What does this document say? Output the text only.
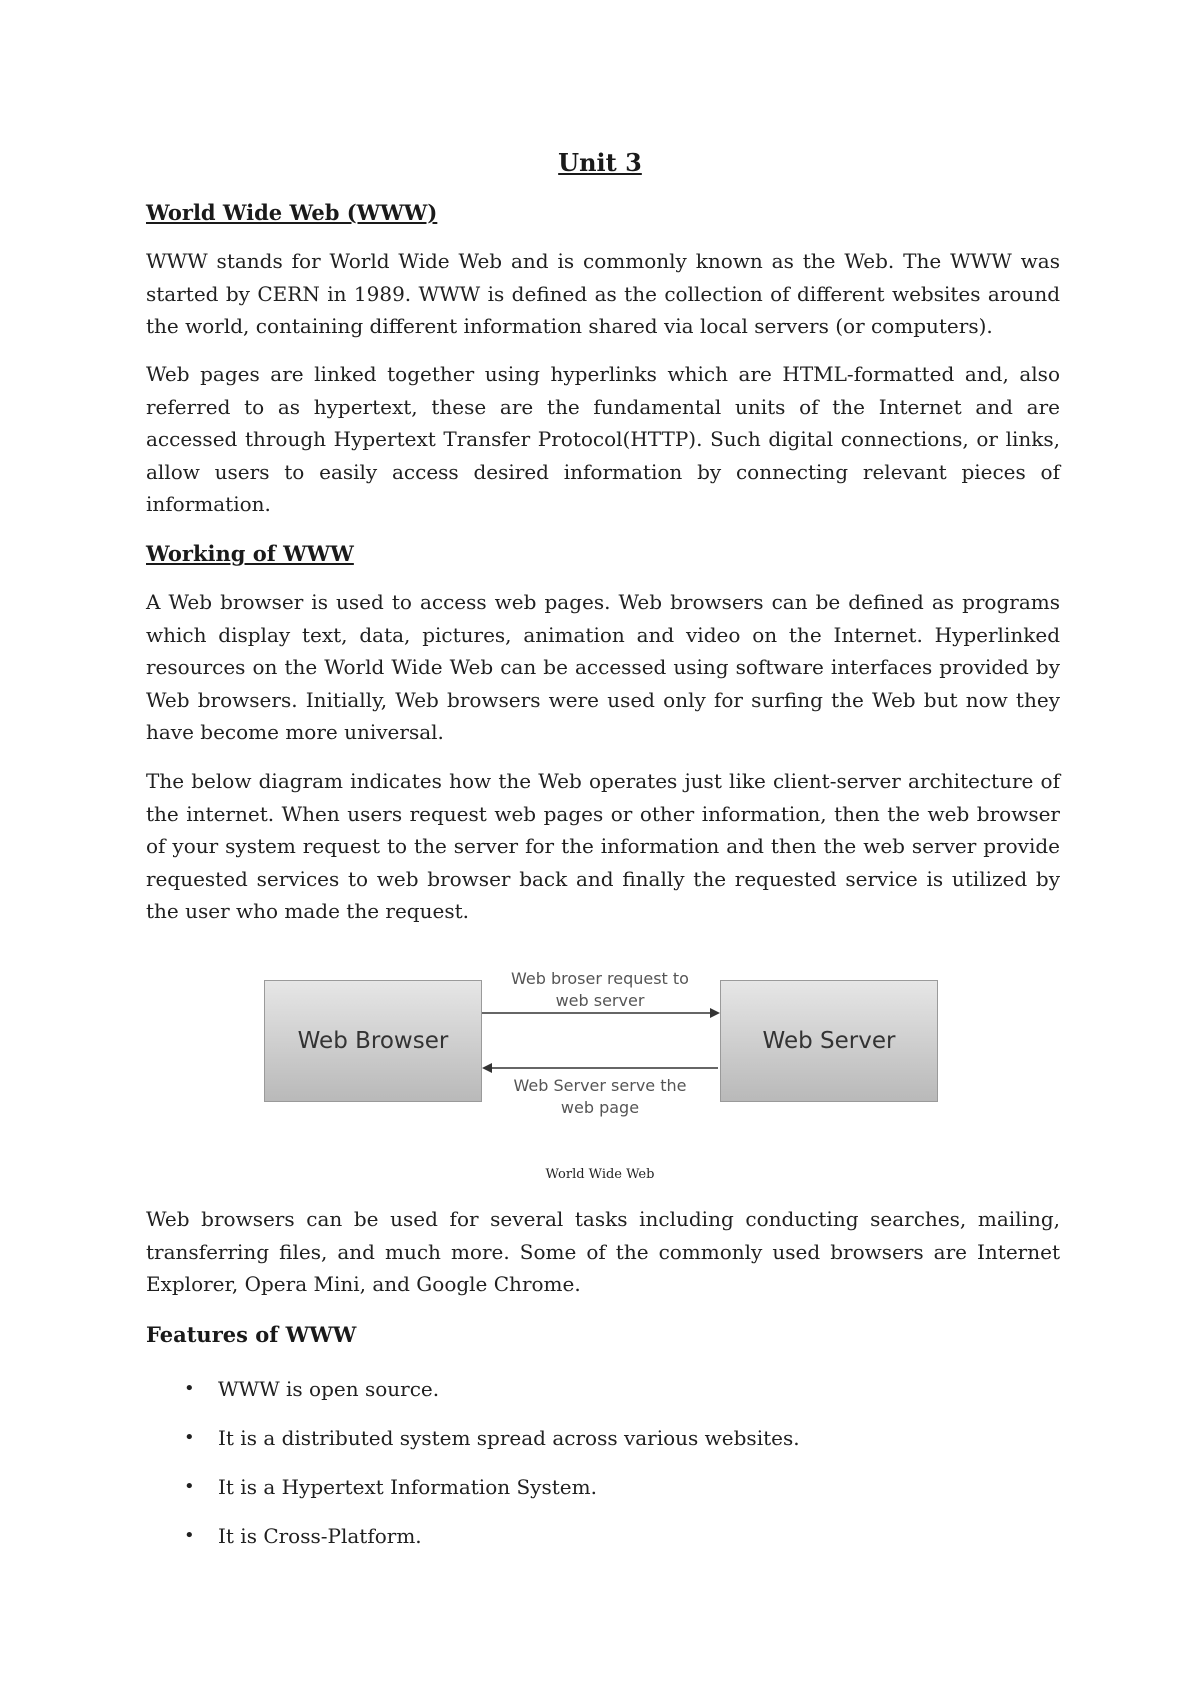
Unit 3
World Wide Web (WWW)

WWW stands for World Wide Web and is commonly known as the Web. The WWW was started by CERN in 1989. WWW is defined as the collection of different websites around the world, containing different information shared via local servers (or computers).

Web pages are linked together using hyperlinks which are HTML-formatted and, also referred to as hypertext, these are the fundamental units of the Internet and are accessed through Hypertext Transfer Protocol(HTTP). Such digital connections, or links, allow users to easily access desired information by connecting relevant pieces of information.

Working of WWW

A Web browser is used to access web pages. Web browsers can be defined as programs which display text, data, pictures, animation and video on the Internet. Hyperlinked resources on the World Wide Web can be accessed using software interfaces provided by Web browsers. Initially, Web browsers were used only for surfing the Web but now they have become more universal.

The below diagram indicates how the Web operates just like client-server architecture of the internet. When users request web pages or other information, then the web browser of your system request to the server for the information and then the web server provide requested services to web browser back and finally the requested service is utilized by the user who made the request.

Web Browser	Web Server
Web broser request to
web server
Web Server serve the
web page
World Wide Web

Web browsers can be used for several tasks including conducting searches, mailing, transferring files, and much more. Some of the commonly used browsers are Internet Explorer, Opera Mini, and Google Chrome.

Features of WWW
•	WWW is open source.
•	It is a distributed system spread across various websites.
•	It is a Hypertext Information System.
•	It is Cross-Platform.
